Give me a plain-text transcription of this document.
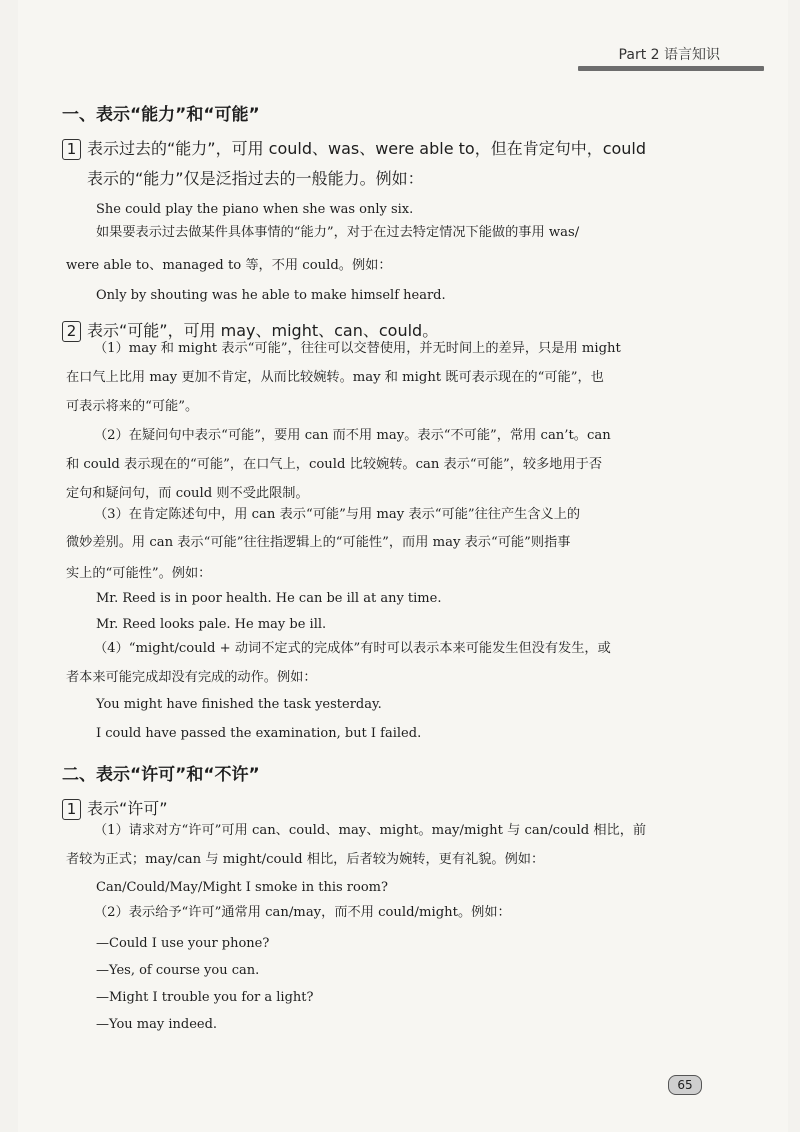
Part 2 语言知识
一、表示“能力”和“可能”
1 表示过去的“能力”，可用 could、was、were able to，但在肯定句中，could
表示的“能力”仅是泛指过去的一般能力。例如：
She could play the piano when she was only six.
如果要表示过去做某件具体事情的“能力”，对于在过去特定情况下能做的事用 was/
were able to、managed to 等，不用 could。例如：
Only by shouting was he able to make himself heard.
2 表示“可能”，可用 may、might、can、could。
（1）may 和 might 表示“可能”，往往可以交替使用，并无时间上的差异，只是用 might
在口气上比用 may 更加不肯定，从而比较婉转。may 和 might 既可表示现在的“可能”，也
可表示将来的“可能”。
（2）在疑问句中表示“可能”，要用 can 而不用 may。表示“不可能”，常用 can’t。can
和 could 表示现在的“可能”，在口气上，could 比较婉转。can 表示“可能”，较多地用于否
定句和疑问句，而 could 则不受此限制。
（3）在肯定陈述句中，用 can 表示“可能”与用 may 表示“可能”往往产生含义上的
微妙差别。用 can 表示“可能”往往指逻辑上的“可能性”，而用 may 表示“可能”则指事
实上的“可能性”。例如：
Mr. Reed is in poor health. He can be ill at any time.
Mr. Reed looks pale. He may be ill.
（4）“might/could + 动词不定式的完成体”有时可以表示本来可能发生但没有发生，或
者本来可能完成却没有完成的动作。例如：
You might have finished the task yesterday.
I could have passed the examination, but I failed.
二、表示“许可”和“不许”
1 表示“许可”
（1）请求对方“许可”可用 can、could、may、might。may/might 与 can/could 相比，前
者较为正式；may/can 与 might/could 相比，后者较为婉转，更有礼貌。例如：
Can/Could/May/Might I smoke in this room?
（2）表示给予“许可”通常用 can/may，而不用 could/might。例如：
—Could I use your phone?
—Yes, of course you can.
—Might I trouble you for a light?
—You may indeed.
65
